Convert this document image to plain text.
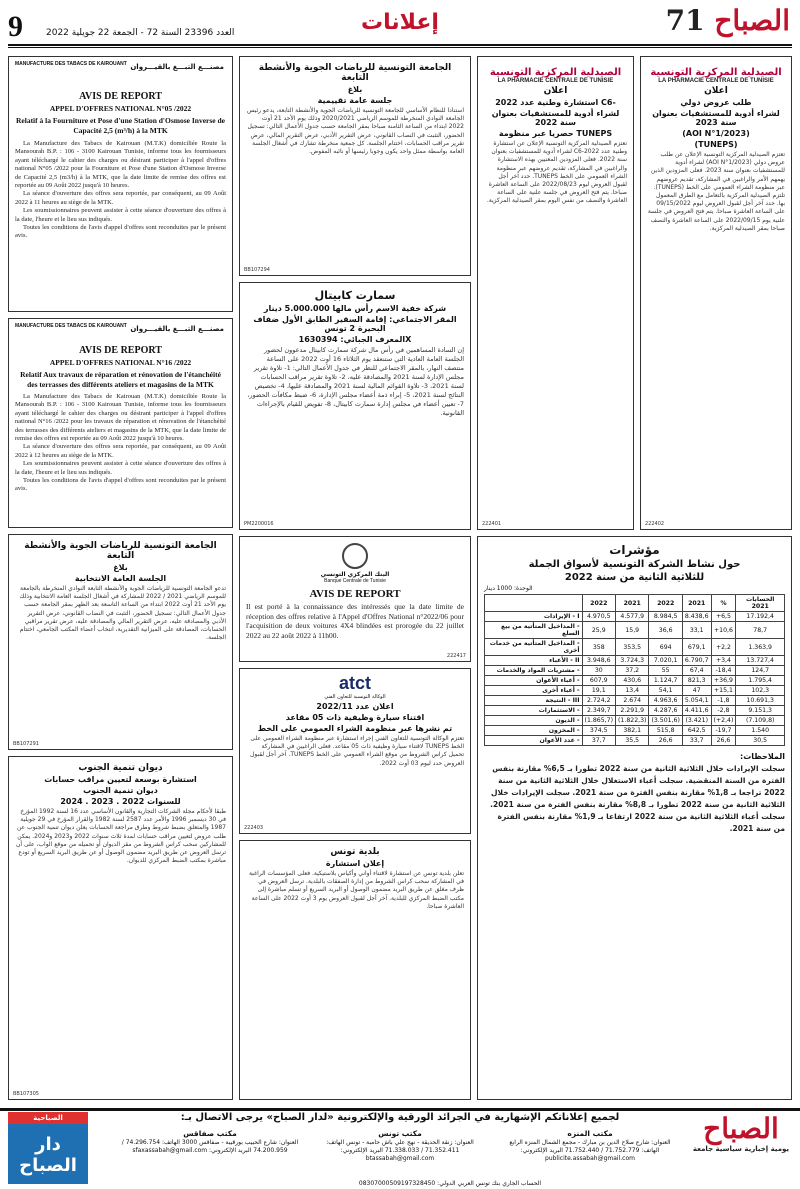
9	العدد 23396 السنة 72 - الجمعة 22 جويلية 2022	إعلانات	71 الصباح
MANUFACTURE DES TABACS DE KAIROUANT مصنـــع التبـــغ بالقيـــروان
AVIS DE REPORT
APPEL D'OFFRES NATIONAL N°05 /2022
Relatif à la Fourniture et Pose d'une Station d'Osmose Inverse de Capacité 2,5 (m³/h) à la MTK

La Manufacture des Tabacs de Kairouan (M.T.K) domiciliée Route la Mansourah B.P. : 106 - 3100 Kairouan Tunisie, informe tous les fournisseurs ayant téléchargé le cahier des charges ou désirant participer à l'appel d'offres national N°05 /2022 pour la Fourniture et Pose d'une Station d'Osmose Inverse de Capacité 2,5 (m3/h) à la MTK, que la date limite de remise des offres est reportée au 09 Août 2022 jusqu'à 10 heures.

La séance d'ouverture des offres sera reportée, par conséquent, au 09 Août 2022 à 11 heures au siège de la MTK.

Les soumissionnaires peuvent assister à cette séance d'ouverture des offres à la date, l'heure et le lieu sus indiqués.

Toutes les conditions de l'avis d'appel d'offres sont reconduites par le présent avis.

MANUFACTURE DES TABACS DE KAIROUANT مصنـــع التبـــغ بالقيـــروان
AVIS DE REPORT
APPEL D'OFFRES NATIONAL N°16 /2022
Relatif Aux travaux de réparation et rénovation de l'étanchéité des terrasses des différents ateliers et magasins de la MTK

La Manufacture des Tabacs de Kairouan (M.T.K) domiciliée Route la Mansourah B.P. : 106 - 3100 Kairouan Tunisie, informe tous les fournisseurs ayant téléchargé le cahier des charges ou désirant participer à l'appel d'offres national N°16 /2022 pour les travaux de réparation et rénovation de l'étanchéité des terrasses des différents ateliers et magasins de la MTK, que la date limite de remise des offres est reportée au 09 Août 2022 jusqu'à 10 heures.

La séance d'ouverture des offres sera reportée, par conséquent, au 09 Août 2022 à 12 heures au siège de la MTK.

Les soumissionnaires peuvent assister à cette séance d'ouverture des offres à la date, l'heure et le lieu sus indiqués.

Toutes les conditions de l'avis d'appel d'offres sont reconduites par le présent avis.

الجامعة التونسية للرياضات الجوية والأنشطة التابعة
بلاغ
الجلسة العامة الانتخابية

تدعو الجامعة التونسية للرياضات الجوية والأنشطة التابعة النوادي المنخرطة بالجامعة للموسم الرياضي 2021 / 2022 للمشاركة في أشغال الجلسة العامة الانتخابية وذلك يوم الأحد 21 أوت 2022 ابتداء من الساعة التاسعة بعد الظهر بمقر الجامعة حسب جدول الأعمال التالي: تسجيل الحضور، التثبت في النصاب القانوني، عرض التقرير الأدبي والمصادقة عليه، عرض التقرير المالي والمصادقة عليه، عرض تقرير مراقبي الحسابات، المصادقة على الميزانية التقديرية، انتخاب أعضاء المكتب الجامعي، اختتام الجلسة.

BB107291
ديوان تنمية الجنوب
استشارة بوسعة لتعيين مراقب حسابات
ديوان تنمية الجنوب
للسنوات 2022 . 2023 . 2024

طبقا لأحكام مجلة الشركات التجارية والقانون الأساسي عدد 16 لسنة 1992 المؤرخ في 30 ديسمبر 1996 والأمر عدد 2587 لسنة 1982 والقرار المؤرخ في 29 جويلية 1987 والمتعلق بضبط شروط وطرق مراجعة الحسابات يعلن ديوان تنمية الجنوب عن طلب عروض لتعيين مراقب حسابات لمدة ثلاث سنوات 2022 و2023 و2024. يمكن للمشاركين سحب كراس الشروط من مقر الديوان أو تحميله من موقع الواب، على أن ترسل العروض عن طريق البريد مضمون الوصول أو عن طريق البريد السريع أو تودع مباشرة بمكتب الضبط المركزي للديوان.

BB107305
الجامعة التونسية للرياضات الجوية والأنشطة التابعة
بلاغ
جلسة عامة تقييمية

استنادا للنظام الأساسي للجامعة التونسية للرياضات الجوية والأنشطة التابعة، يدعو رئيس الجامعة النوادي المنخرطة للموسم الرياضي 2020/2021 وذلك يوم الأحد 21 أوت 2022 ابتداء من الساعة الثامنة صباحا بمقر الجامعة حسب جدول الأعمال التالي: تسجيل الحضور، التثبت في النصاب القانوني، عرض التقرير الأدبي، عرض التقرير المالي، عرض تقرير مراقب الحسابات، اختتام الجلسة. كل جمعية منخرطة تشارك في أشغال الجلسة العامة بواسطة ممثل واحد يكون وجوبا رئيسها أو نائبه المفوض.

BB107294
سمارت كابيتال
شركة خفية الاسم رأس مالها 5.000.000 دينار
المقر الاجتماعي: إقامة السقير الطابق الأول ضفاف البحيرة 2 تونس
المعرف الجبائي: 1630394X

إن السادة المساهمين في رأس مال شركة سمارت كابيتال مدعوون لحضور الجلسة العامة العادية التي ستنعقد يوم الثلاثاء 16 أوت 2022 على الساعة منتصف النهار، بالمقر الاجتماعي للنظر في جدول الأعمال التالي: 1- تلاوة تقرير مجلس الإدارة لسنة 2021 والمصادقة عليه، 2- تلاوة تقرير مراقب الحسابات لسنة 2021، 3- تلاوة القوائم المالية لسنة 2021 والمصادقة عليها، 4- تخصيص النتائج لسنة 2021، 5- إبراء ذمة أعضاء مجلس الإدارة، 6- ضبط مكافآت الحضور، 7- تعيين أعضاء في مجلس إدارة سمارت كابيتال، 8- تفويض للقيام بالإجراءات القانونية.

PM2200016
البنك المركزي التونسي
Banque Centrale de Tunisie
AVIS DE REPORT

Il est porté à la connaissance des intéressés que la date limite de réception des offres relative à l'Appel d'Offres National n°2022/06 pour l'acquisition de deux voitures 4X4 blindées est prorogée du 22 juillet 2022 au 22 août 2022 à 11h00.

222417
atct
الوكالة التونسية للتعاون الفني
اعلان عدد 2022/11
اقتناء سيارة وظيفية ذات 05 مقاعد
تم نشرها عبر منظومة الشراء العمومي على الخط

تعتزم الوكالة التونسية للتعاون الفني إجراء استشارة عبر منظومة الشراء العمومي على الخط TUNEPS لاقتناء سيارة وظيفية ذات 05 مقاعد. فعلى الراغبين في المشاركة تحميل كراس الشروط من موقع الشراء العمومي على الخط TUNEPS. آخر أجل لقبول العروض حدد ليوم 03 أوت 2022.

222403
بلدية تونس
إعلان استشارة

تعلن بلدية تونس عن استشارة لاقتناء أواني وأكياس بلاستيكية. فعلى المؤسسات الراغبة في المشاركة سحب كراس الشروط من إدارة الصفقات بالبلدية. ترسل العروض في ظرف مغلق عن طريق البريد مضمون الوصول أو البريد السريع أو تسلم مباشرة إلى مكتب الضبط المركزي للبلدية. آخر أجل لقبول العروض يوم 3 أوت 2022 على الساعة العاشرة صباحا.

الصيدلية المركزية التونسية
LA PHARMACIE CENTRALE DE TUNISIE
اعلان
استشارة وطنية عدد 2022 C6-
لشراء أدوية للمستشفيات بعنوان سنة 2022
حصريا عبر منظومة TUNEPS

تعتزم الصيدلية المركزية التونسية الإعلان عن استشارة وطنية عدد C6-2022 لشراء أدوية للمستشفيات بعنوان سنة 2022. فعلى المزودين المعنيين بهذه الاستشارة والراغبين في المشاركة، تقديم عروضهم عبر منظومة الشراء العمومي على الخط TUNEPS. حدد آخر أجل لقبول العروض ليوم 2022/08/23 على الساعة العاشرة صباحا. يتم فتح العروض في جلسة علنية على الساعة العاشرة والنصف من نفس اليوم بمقر الصيدلية المركزية.

222401
الصيدلية المركزية التونسية
LA PHARMACIE CENTRALE DE TUNISIE
اعلان
طلب عروض دولي
لشراء أدوية للمستشفيات بعنوان سنة 2023
(AOI N°1/2023)
(TUNEPS)

تعتزم الصيدلية المركزية التونسية الإعلان عن طلب عروض دولي (AOI N°1/2023) لشراء أدوية للمستشفيات بعنوان سنة 2023. فعلى المزودين الذين يهمهم الأمر والراغبين في المشاركة، تقديم عروضهم عبر منظومة الشراء العمومي على الخط (TUNEPS). تلتزم الصيدلية المركزية بالتعامل مع الطرق المعمول بها. حدد آخر أجل لقبول العروض ليوم 09/15/2022 على الساعة العاشرة صباحا. يتم فتح العروض في جلسة علنية يوم 2022/09/15 على الساعة العاشرة والنصف صباحا بمقر الصيدلية المركزية.

222402
مؤشرات
حول نشاط الشركة التونسية لأسواق الجملة
للثلاثية الثانية من سنة 2022
الوحدة: 1000 دينار
	2022	2021	2022	2021	%	الحسابات 2021
I - الإيرادات	4.970,5	4.577,9	8.984,5	8.438,6	+6,5	17.192,4
- المداخيل المتأتية من بيع السلع	25,9	15,9	36,6	33,1	+10,6	78,7
- المداخيل المتأتية من خدمات أخرى	358	353,5	694	679,1	+2,2	1.363,9
II - الأعباء	3.948,6	3.724,3	7.020,1	6.790,7	+3,4	13.727,4
- مشتريات المواد والخدمات	30	37,2	55	67,4	-18,4	124,7
- أعباء الأعوان	607,9	430,6	1.124,7	821,3	+36,9	1.795,4
- أعباء أخرى	19,1	13,4	54,1	47	+15,1	102,3
III - النتيجة	2.724,2	2.674	4.963,6	5.054,1	-1,8	10.691,3
- الاستثمارات	2.349,7	2.291,9	4.287,6	4.411,6	-2,8	9.151,3
- الديون	(1.865,7)	(1.822,3)	(3.501,6)	(3.421)	(+2,4)	(7.109,8)
- المخزون	374,5	382,1	515,8	642,5	-19,7	1.540
- عدد الأعوان	37,7	35,5	26,6	33,7	26,6	30,5
الملاحظات:

سجلت الإيرادات خلال الثلاثية الثانية من سنة 2022 تطورا بـ 6,5% مقارنة بنفس الفترة من السنة المنقضية. سجلت أعباء الاستغلال خلال الثلاثية الثانية من سنة 2022 تراجعا بـ 1,8% مقارنة بنفس الفترة من سنة 2021. سجلت الإيرادات خلال الثلاثية الثانية من سنة 2022 تطورا بـ 8,8% مقارنة بنفس الفترة من سنة 2021. سجلت أعباء الثلاثية الثانية من سنة 2022 ارتفاعا بـ 1,9% مقارنة بنفس الفترة من سنة 2021.

الصباحية
دار الصباح
لجميع إعلاناتكم الإشهارية في الجرائد الورقية والإلكترونية «لدار الصباح» يرجى الاتصال بـ:
مكتب صفاقس
العنوان: شارع الحبيب بورقيبة - صفاقس 3000 الهاتف: 74.296.754 / 74.200.959 البريد الإلكتروني: sfaxassabah@gmail.com
مكتب تونس
العنوان: زنقة الحديقة - نهج علي باش حامبة - تونس الهاتف: 71.352.411 / 71.338.033 البريد الإلكتروني: btassabah@gmail.com
مكتب المنزه
العنوان: شارع صلاح الدين بن مبارك - مجمع الشمال المنزه الرابع الهاتف: 71.752.779 / 71.752.440 البريد الإلكتروني: publicite.assabah@gmail.com
الحساب الجاري بنك تونس العربي الدولي: 08307000509197328450
الصباح
يومية إخبارية سياسية جامعة
